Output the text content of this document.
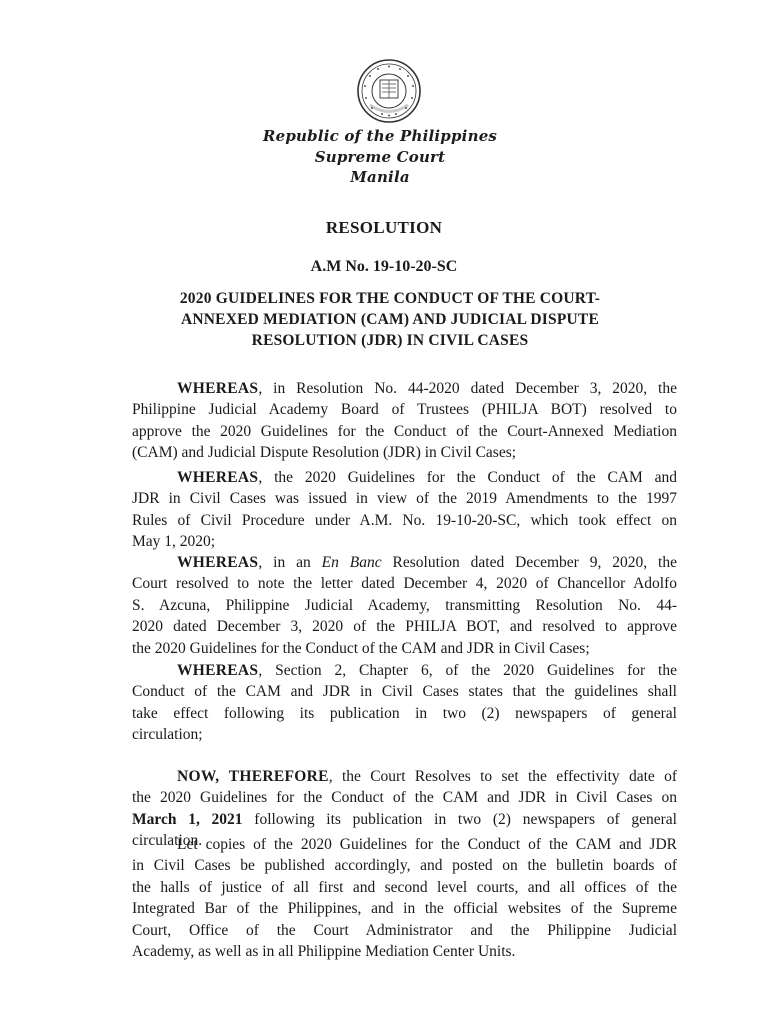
Republic of the Philippines
Supreme Court
Manila
RESOLUTION
A.M No. 19-10-20-SC
2020 GUIDELINES FOR THE CONDUCT OF THE COURT-
ANNEXED MEDIATION (CAM) AND JUDICIAL DISPUTE
RESOLUTION (JDR) IN CIVIL CASES
WHEREAS, in Resolution No. 44-2020 dated December 3, 2020, the
Philippine Judicial Academy Board of Trustees (PHILJA BOT) resolved to
approve the 2020 Guidelines for the Conduct of the Court-Annexed Mediation
(CAM) and Judicial Dispute Resolution (JDR) in Civil Cases;
WHEREAS, the 2020 Guidelines for the Conduct of the CAM and
JDR in Civil Cases was issued in view of the 2019 Amendments to the 1997
Rules of Civil Procedure under A.M. No. 19-10-20-SC, which took effect on
May 1, 2020;
WHEREAS, in an En Banc Resolution dated December 9, 2020, the
Court resolved to note the letter dated December 4, 2020 of Chancellor Adolfo
S. Azcuna, Philippine Judicial Academy, transmitting Resolution No. 44-
2020 dated December 3, 2020 of the PHILJA BOT, and resolved to approve
the 2020 Guidelines for the Conduct of the CAM and JDR in Civil Cases;
WHEREAS, Section 2, Chapter 6, of the 2020 Guidelines for the
Conduct of the CAM and JDR in Civil Cases states that the guidelines shall
take effect following its publication in two (2) newspapers of general
circulation;
NOW, THEREFORE, the Court Resolves to set the effectivity date of
the 2020 Guidelines for the Conduct of the CAM and JDR in Civil Cases on
March 1, 2021 following its publication in two (2) newspapers of general
circulation.
Let copies of the 2020 Guidelines for the Conduct of the CAM and JDR
in Civil Cases be published accordingly, and posted on the bulletin boards of
the halls of justice of all first and second level courts, and all offices of the
Integrated Bar of the Philippines, and in the official websites of the Supreme
Court, Office of the Court Administrator and the Philippine Judicial
Academy, as well as in all Philippine Mediation Center Units.
